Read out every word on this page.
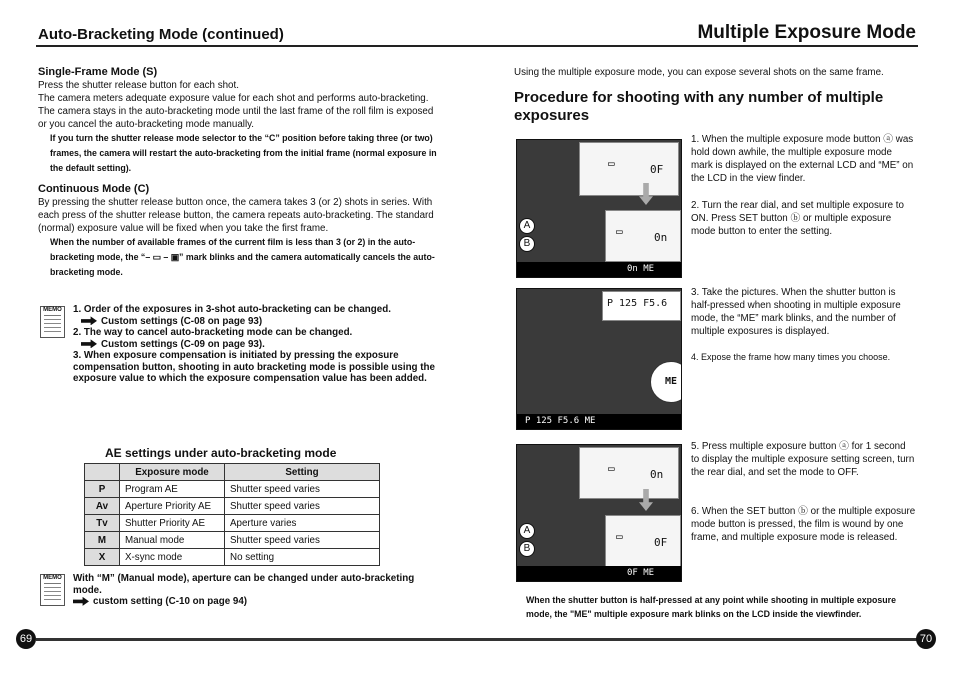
Auto-Bracketing Mode (continued)	Multiple Exposure Mode
Single-Frame Mode (S)

Press the shutter release button for each shot.

The camera meters adequate exposure value for each shot and performs auto-bracketing. The camera stays in the auto-bracketing mode until the last frame of the roll film is exposed or you cancel the auto-bracketing mode manually.

If you turn the shutter release mode selector to the “C” position before taking three (or two) frames, the camera will restart the auto-bracketing from the initial frame (normal exposure in the default setting).

Continuous Mode (C)

By pressing the shutter release button once, the camera takes 3 (or 2) shots in series. With each press of the shutter release button, the camera repeats auto-bracketing. The standard (normal) exposure value will be fixed when you take the first frame.

When the number of available frames of the current film is less than 3 (or 2) in the auto-bracketing mode, the “– ▭ – ▣” mark blinks and the camera automatically cancels the auto-bracketing mode.

MEMO	1. Order of the exposures in 3-shot auto-bracketing can be changed.
Custom settings (C-08 on page 93)
2. The way to cancel auto-bracketing mode can be changed.
Custom settings (C-09 on page 93).
3. When exposure compensation is initiated by pressing the exposure compensation button, shooting in auto bracketing mode is possible using the exposure value to which the exposure compensation value has been added.
AE settings under auto-bracketing mode
	Exposure mode	Setting
P	Program AE	Shutter speed varies
Av	Aperture Priority AE	Shutter speed varies
Tv	Shutter Priority AE	Aperture varies
M	Manual mode	Shutter speed varies
X	X-sync mode	No setting
MEMO	With “M” (Manual mode), aperture can be changed under auto-bracketing mode.
custom setting (C-10 on page 94)
Using the multiple exposure mode, you can expose several shots on the same frame.
Procedure for shooting with any number of multiple exposures
▭	0F
▭	0n
A
B
0n ME
1. When the multiple exposure mode button ⓐ was hold down awhile, the multiple exposure mode mark is displayed on the external LCD and “ME” on the LCD in the view finder.
2. Turn the rear dial, and set multiple exposure to ON. Press SET button ⓑ or multiple exposure mode button to enter the setting.
P 125 F5.6
ME
P 125 F5.6 ME
3. Take the pictures. When the shutter button is half-pressed when shooting in multiple exposure mode, the “ME” mark blinks, and the number of multiple exposures is displayed.
4. Expose the frame how many times you choose.
▭	0n
▭	0F
A
B
0F ME
5. Press multiple exposure button ⓐ for 1 second to display the multiple exposure setting screen, turn the rear dial, and set the mode to OFF.
6. When the SET button ⓑ or the multiple exposure mode button is pressed, the film is wound by one frame, and multiple exposure mode is released.
When the shutter button is half-pressed at any point while shooting in multiple exposure mode, the "ME" multiple exposure mark blinks on the LCD inside the viewfinder.
69	70
